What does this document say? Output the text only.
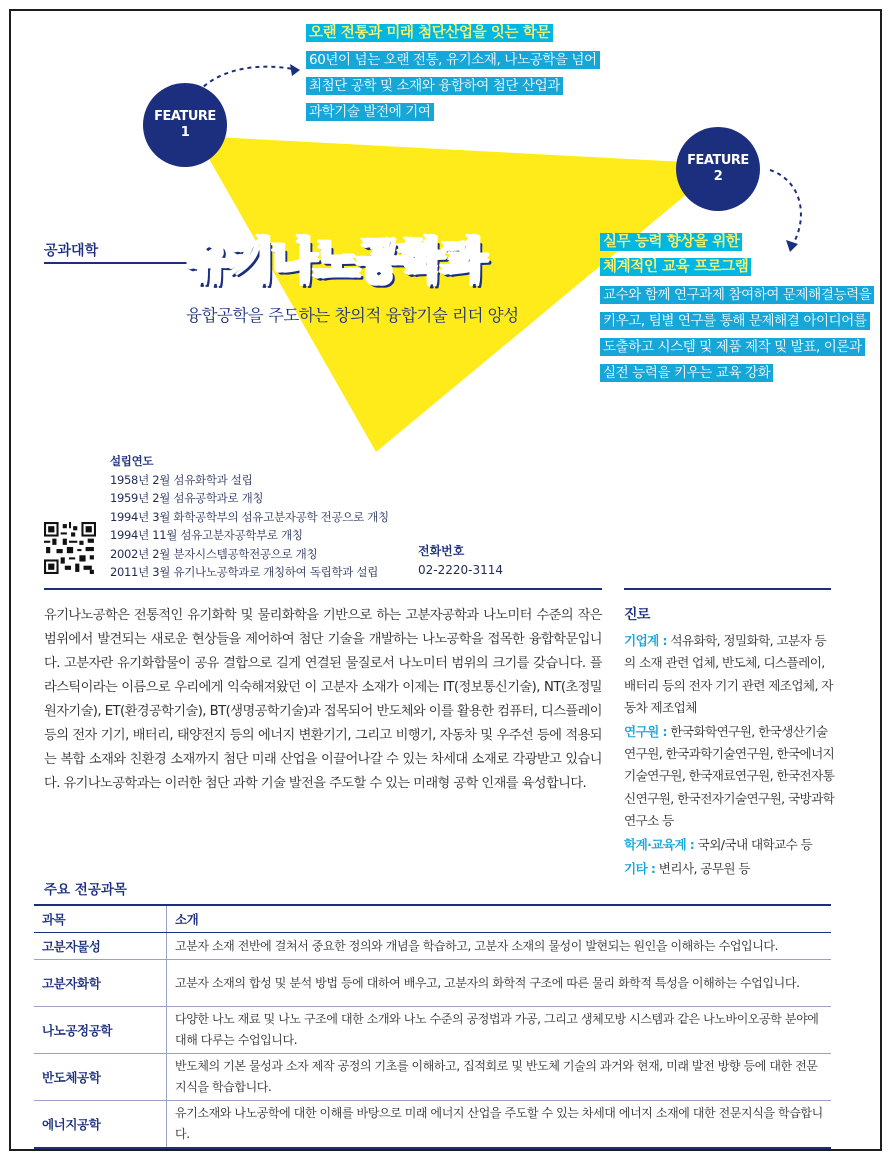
FEATURE
1
FEATURE
2
오랜 전통과 미래 첨단산업을 잇는 학문
60년이 넘는 오랜 전통, 유기소재, 나노공학을 넘어
최첨단 공학 및 소재와 융합하여 첨단 산업과
과학기술 발전에 기여
실무 능력 향상을 위한
체계적인 교육 프로그램
교수와 함께 연구과제 참여하여 문제해결능력을
키우고, 팀별 연구를 통해 문제해결 아이디어를
도출하고 시스템 및 제품 제작 및 발표, 이론과
실전 능력을 키우는 교육 강화
공과대학 유기나노공학과
융합공학을 주도하는 창의적 융합기술 리더 양성
설립연도
1958년 2월 섬유화학과 설립
1959년 2월 섬유공학과로 개칭
1994년 3월 화학공학부의 섬유고분자공학 전공으로 개칭
1994년 11월 섬유고분자공학부로 개칭
2002년 2월 분자시스템공학전공으로 개칭
2011년 3월 유기나노공학과로 개칭하여 독립학과 설립
전화번호
02-2220-3114
유기나노공학은 전통적인 유기화학 및 물리화학을 기반으로 하는 고분자공학과 나노미터 수준의 작은 범위에서 발견되는 새로운 현상들을 제어하여 첨단 기술을 개발하는 나노공학을 접목한 융합학문입니다. 고분자란 유기화합물이 공유 결합으로 길게 연결된 물질로서 나노미터 범위의 크기를 갖습니다. 플라스틱이라는 이름으로 우리에게 익숙해져왔던 이 고분자 소재가 이제는 IT(정보통신기술), NT(초정밀 원자기술), ET(환경공학기술), BT(생명공학기술)과 접목되어 반도체와 이를 활용한 컴퓨터, 디스플레이 등의 전자 기기, 배터리, 태양전지 등의 에너지 변환기기, 그리고 비행기, 자동차 및 우주선 등에 적용되는 복합 소재와 친환경 소재까지 첨단 미래 산업을 이끌어나갈 수 있는 차세대 소재로 각광받고 있습니다. 유기나노공학과는 이러한 첨단 과학 기술 발전을 주도할 수 있는 미래형 공학 인재를 육성합니다.
진로

기업계 : 석유화학, 정밀화학, 고분자 등의 소재 관련 업체, 반도체, 디스플레이, 배터리 등의 전자 기기 관련 제조업체, 자동차 제조업체

연구원 : 한국화학연구원, 한국생산기술연구원, 한국과학기술연구원, 한국에너지기술연구원, 한국재료연구원, 한국전자통신연구원, 한국전자기술연구원, 국방과학연구소 등

학계·교육계 : 국외/국내 대학교수 등

기타 : 변리사, 공무원 등

주요 전공과목
과목	소개
고분자물성	고분자 소재 전반에 걸쳐서 중요한 정의와 개념을 학습하고, 고분자 소재의 물성이 발현되는 원인을 이해하는 수업입니다.
고분자화학	고분자 소재의 합성 및 분석 방법 등에 대하여 배우고, 고분자의 화학적 구조에 따른 물리 화학적 특성을 이해하는 수업입니다.
나노공정공학	다양한 나노 재료 및 나노 구조에 대한 소개와 나노 수준의 공정법과 가공, 그리고 생체모방 시스템과 같은 나노바이오공학 분야에 대해 다루는 수업입니다.
반도체공학	반도체의 기본 물성과 소자 제작 공정의 기초를 이해하고, 집적회로 및 반도체 기술의 과거와 현재, 미래 발전 방향 등에 대한 전문지식을 학습합니다.
에너지공학	유기소재와 나노공학에 대한 이해를 바탕으로 미래 에너지 산업을 주도할 수 있는 차세대 에너지 소재에 대한 전문지식을 학습합니다.
